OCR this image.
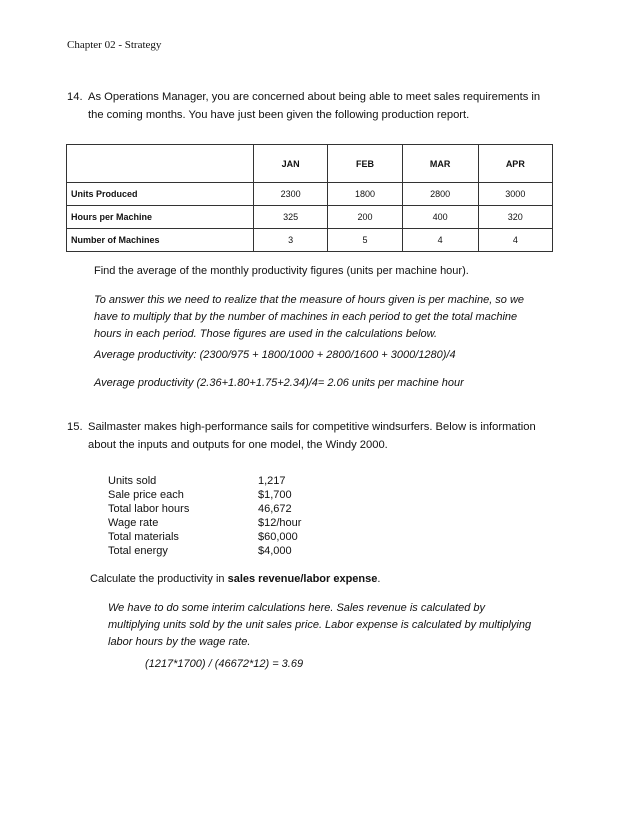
Chapter 02 - Strategy
14. As Operations Manager, you are concerned about being able to meet sales requirements in the coming months. You have just been given the following production report.
	JAN	FEB	MAR	APR
Units Produced	2300	1800	2800	3000
Hours per Machine	325	200	400	320
Number of Machines	3	5	4	4
Find the average of the monthly productivity figures (units per machine hour).
To answer this we need to realize that the measure of hours given is per machine, so we have to multiply that by the number of machines in each period to get the total machine hours in each period. Those figures are used in the calculations below.
Average productivity: (2300/975 + 1800/1000 + 2800/1600 + 3000/1280)/4
Average productivity (2.36+1.80+1.75+2.34)/4= 2.06 units per machine hour
15. Sailmaster makes high-performance sails for competitive windsurfers. Below is information about the inputs and outputs for one model, the Windy 2000.
Units sold	1,217
Sale price each	$1,700
Total labor hours	46,672
Wage rate	$12/hour
Total materials	$60,000
Total energy	$4,000
Calculate the productivity in sales revenue/labor expense.
We have to do some interim calculations here. Sales revenue is calculated by multiplying units sold by the unit sales price. Labor expense is calculated by multiplying labor hours by the wage rate.
(1217*1700) / (46672*12) = 3.69
